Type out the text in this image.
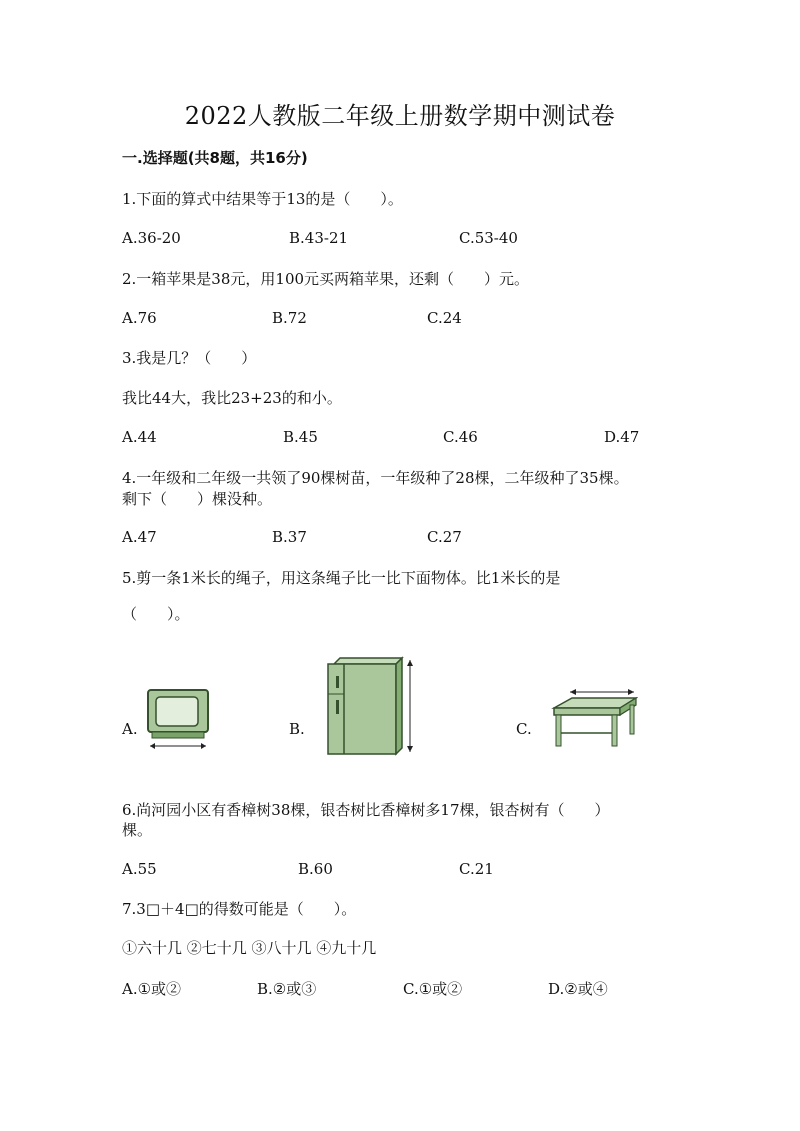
2022人教版二年级上册数学期中测试卷
一.选择题(共8题，共16分)
1.下面的算式中结果等于13的是（　　）。
A.36-20	B.43-21	C.53-40
2.一箱苹果是38元，用100元买两箱苹果，还剩（　　）元。
A.76	B.72	C.24
3.我是几？（　　）
我比44大，我比23+23的和小。
A.44	B.45	C.46	D.47
4.一年级和二年级一共领了90棵树苗，一年级种了28棵，二年级种了35棵。
剩下（　　）棵没种。
A.47	B.37	C.27
5.剪一条1米长的绳子，用这条绳子比一比下面物体。比1米长的是
（　　）。
A.	B.	C.
6.尚河园小区有香樟树38棵，银杏树比香樟树多17棵，银杏树有（　　）
棵。
A.55	B.60	C.21
7.3□＋4□的得数可能是（　　）。
①六十几 ②七十几 ③八十几 ④九十几
A.①或②	B.②或③	C.①或②	D.②或④
